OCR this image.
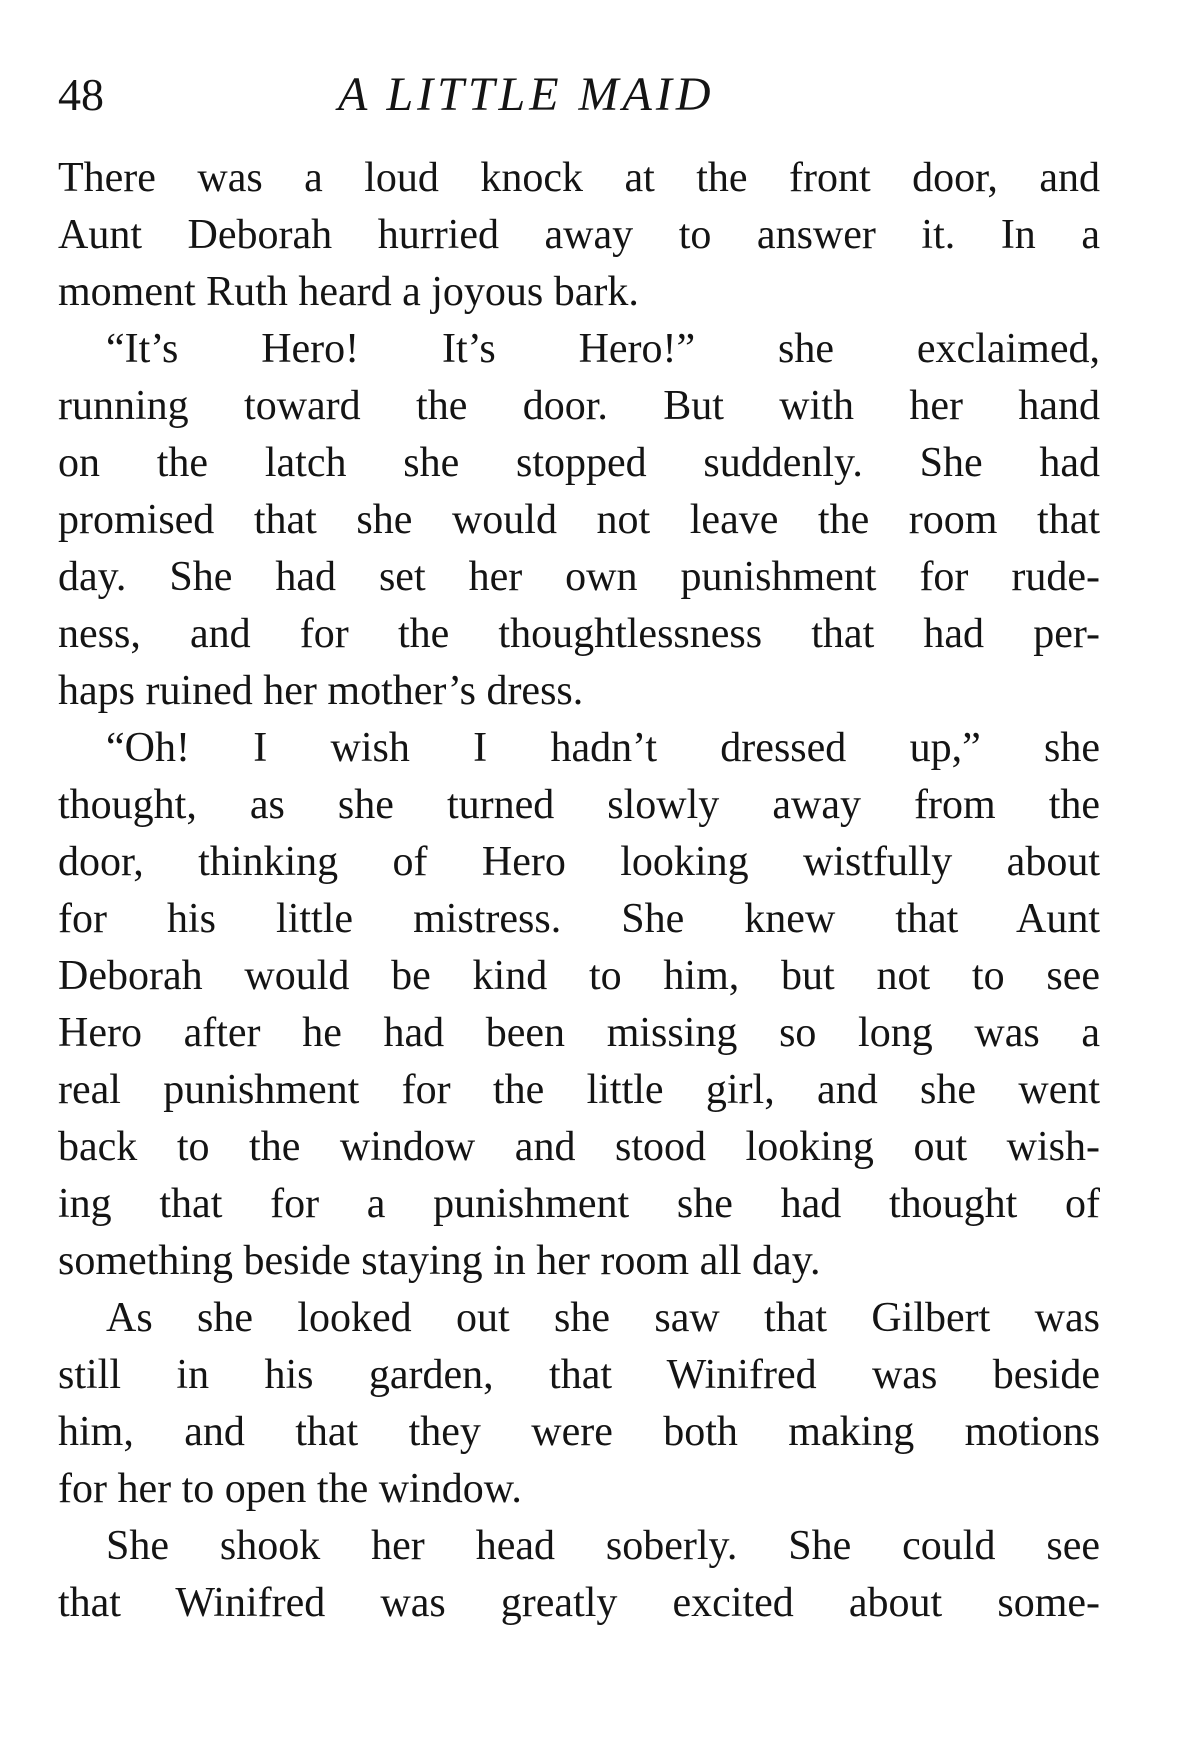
48	A LITTLE MAID
There was a loud knock at the front door, and
Aunt Deborah hurried away to answer it. In a
moment Ruth heard a joyous bark.
“It’s Hero! It’s Hero!” she exclaimed,
running toward the door. But with her hand
on the latch she stopped suddenly. She had
promised that she would not leave the room that
day. She had set her own punishment for rude-
ness, and for the thoughtlessness that had per-
haps ruined her mother’s dress.
“Oh! I wish I hadn’t dressed up,” she
thought, as she turned slowly away from the
door, thinking of Hero looking wistfully about
for his little mistress. She knew that Aunt
Deborah would be kind to him, but not to see
Hero after he had been missing so long was a
real punishment for the little girl, and she went
back to the window and stood looking out wish-
ing that for a punishment she had thought of
something beside staying in her room all day.
As she looked out she saw that Gilbert was
still in his garden, that Winifred was beside
him, and that they were both making motions
for her to open the window.
She shook her head soberly. She could see
that Winifred was greatly excited about some-
